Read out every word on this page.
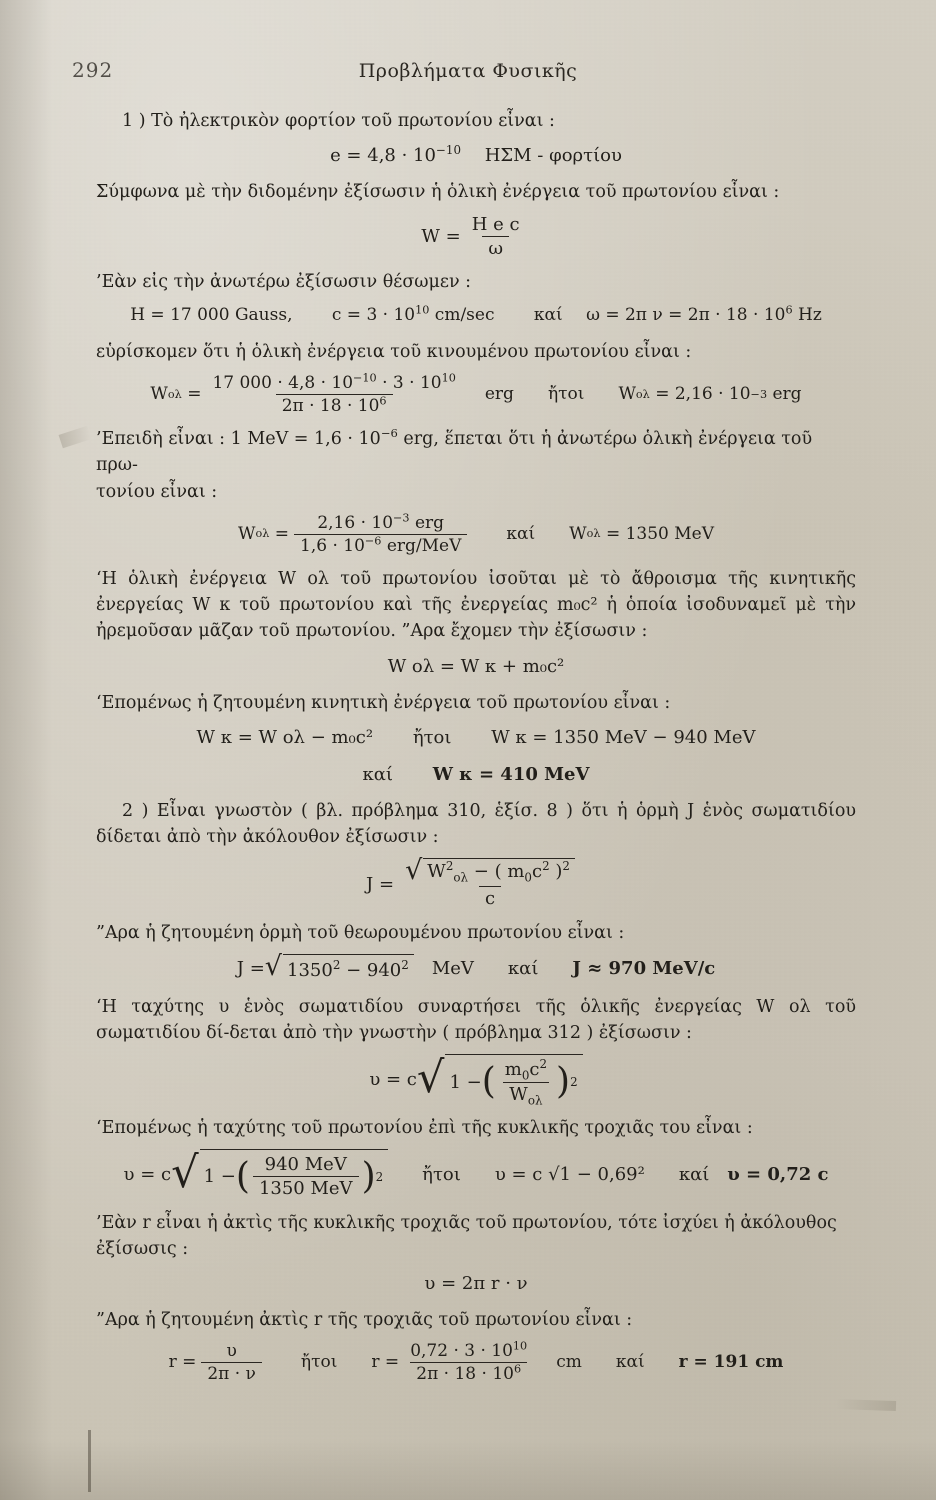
292	Προβλήματα Φυσικῆς

1 ) Τὸ ἠλεκτρικὸν φορτίον τοῦ πρωτονίου εἶναι :

$e = 4,8 \cdot 10^{-10}$ ΗΣΜ - φορτίου

Σύμφωνα μὲ τὴν διδομένην ἐξίσωσιν ἡ ὁλικὴ ἐνέργεια τοῦ πρωτονίου εἶναι :

$W = \frac{\text{H e c}}{\omega}$

’Εὰν εἰς τὴν ἀνωτέρω ἐξίσωσιν θέσωμεν :

H = 17 000 Gauss, $c = 3 \cdot 10^{10}$ cm/sec καί ω = 2π $\nu = 2\pi \cdot 18 \cdot 10^6$ Hz

εὑρίσκομεν ὅτι ἡ ὁλικὴ ἐνέργεια τοῦ κινουμένου πρωτονίου εἶναι :

W ολ
= $\frac{17 000 \cdot 4,8 \cdot 10^{-10} \cdot 3 \cdot 10^{10}}{2\pi \cdot 18 \cdot 10^6}$ erg ἤτοι W ολ
= 2,16 · 10 −3
erg

’Επειδὴ εἶναι : 1 MeV = $1,6 \cdot 10^{-6}$ erg, ἕπεται ὅτι ἡ ἀνωτέρω ὁλικὴ ἐνέργεια τοῦ πρω-

τονίου εἶναι :

W ολ
= $\frac{2,16 \cdot 10^{-3} erg}{1,6 \cdot 10^{-6} erg/MeV}$ καί W ολ
= 1350 MeV

‘Η ὁλικὴ ἐνέργεια W ολ τοῦ πρωτονίου ἰσοῦται μὲ τὸ ἄθροισμα τῆς κινητικῆς ἐνεργείας W κ τοῦ πρωτονίου καὶ τῆς ἐνεργείας m₀c² ἡ ὁποία ἰσοδυναμεῖ μὲ τὴν ἠρεμοῦσαν μᾶζαν τοῦ πρωτονίου. ”Αρα ἔχομεν τὴν ἐξίσωσιν :

W ολ = W κ + m₀c²

‘Επομένως ἡ ζητουμένη κινητικὴ ἐνέργεια τοῦ πρωτονίου εἶναι :

W κ = W ολ − m₀c² ἤτοι W κ = 1350 MeV − 940 MeV
καί W κ = 410 MeV

2 ) Εἶναι γνωστὸν ( βλ. πρόβλημα 310, ἑξίσ. 8 ) ὅτι ἡ ὁρμὴ J ἑνὸς σωματιδίου δίδεται ἀπὸ τὴν ἀκόλουθον ἐξίσωσιν :

$J = \frac{√ W^2_{o\lambda} - ( m_0c^2 )^2}{c}$

”Αρα ἡ ζητουμένη ὁρμὴ τοῦ θεωρουμένου πρωτονίου εἶναι :

J = √ $1350^2 - 940^2$ MeV καί J ≈ 970 MeV/c

‘Η ταχύτης υ ἑνὸς σωματιδίου συναρτήσει τῆς ὁλικῆς ἐνεργείας W ολ τοῦ σωματιδίου δί-δεται ἀπὸ τὴν γνωστὴν ( πρόβλημα 312 ) ἐξίσωσιν :

υ = c √ 1 − ( $\frac{m_0c^2}{W_{o\lambda}}$ ) 2

‘Επομένως ἡ ταχύτης τοῦ πρωτονίου ἐπὶ τῆς κυκλικῆς τροχιᾶς του εἶναι :

υ = c √ 1 − ( $\frac{\text{940 MeV}}{\text{1350 MeV}}$ ) 2 ἤτοι υ = c √1 − 0,69² καί υ = 0,72 c

’Εὰν r εἶναι ἡ ἀκτὶς τῆς κυκλικῆς τροχιᾶς τοῦ πρωτονίου, τότε ἰσχύει ἡ ἀκόλουθος ἐξίσωσις :

υ = 2π r · ν

”Αρα ἡ ζητουμένη ἀκτὶς r τῆς τροχιᾶς τοῦ πρωτονίου εἶναι :

$r = \frac{\upsilon}{2\pi \cdot \nu}$ ἤτοι $r = \frac{0,72 \cdot 3 \cdot 10^{10}}{2\pi \cdot 18 \cdot 10^6}$ cm καί r = 191 cm
